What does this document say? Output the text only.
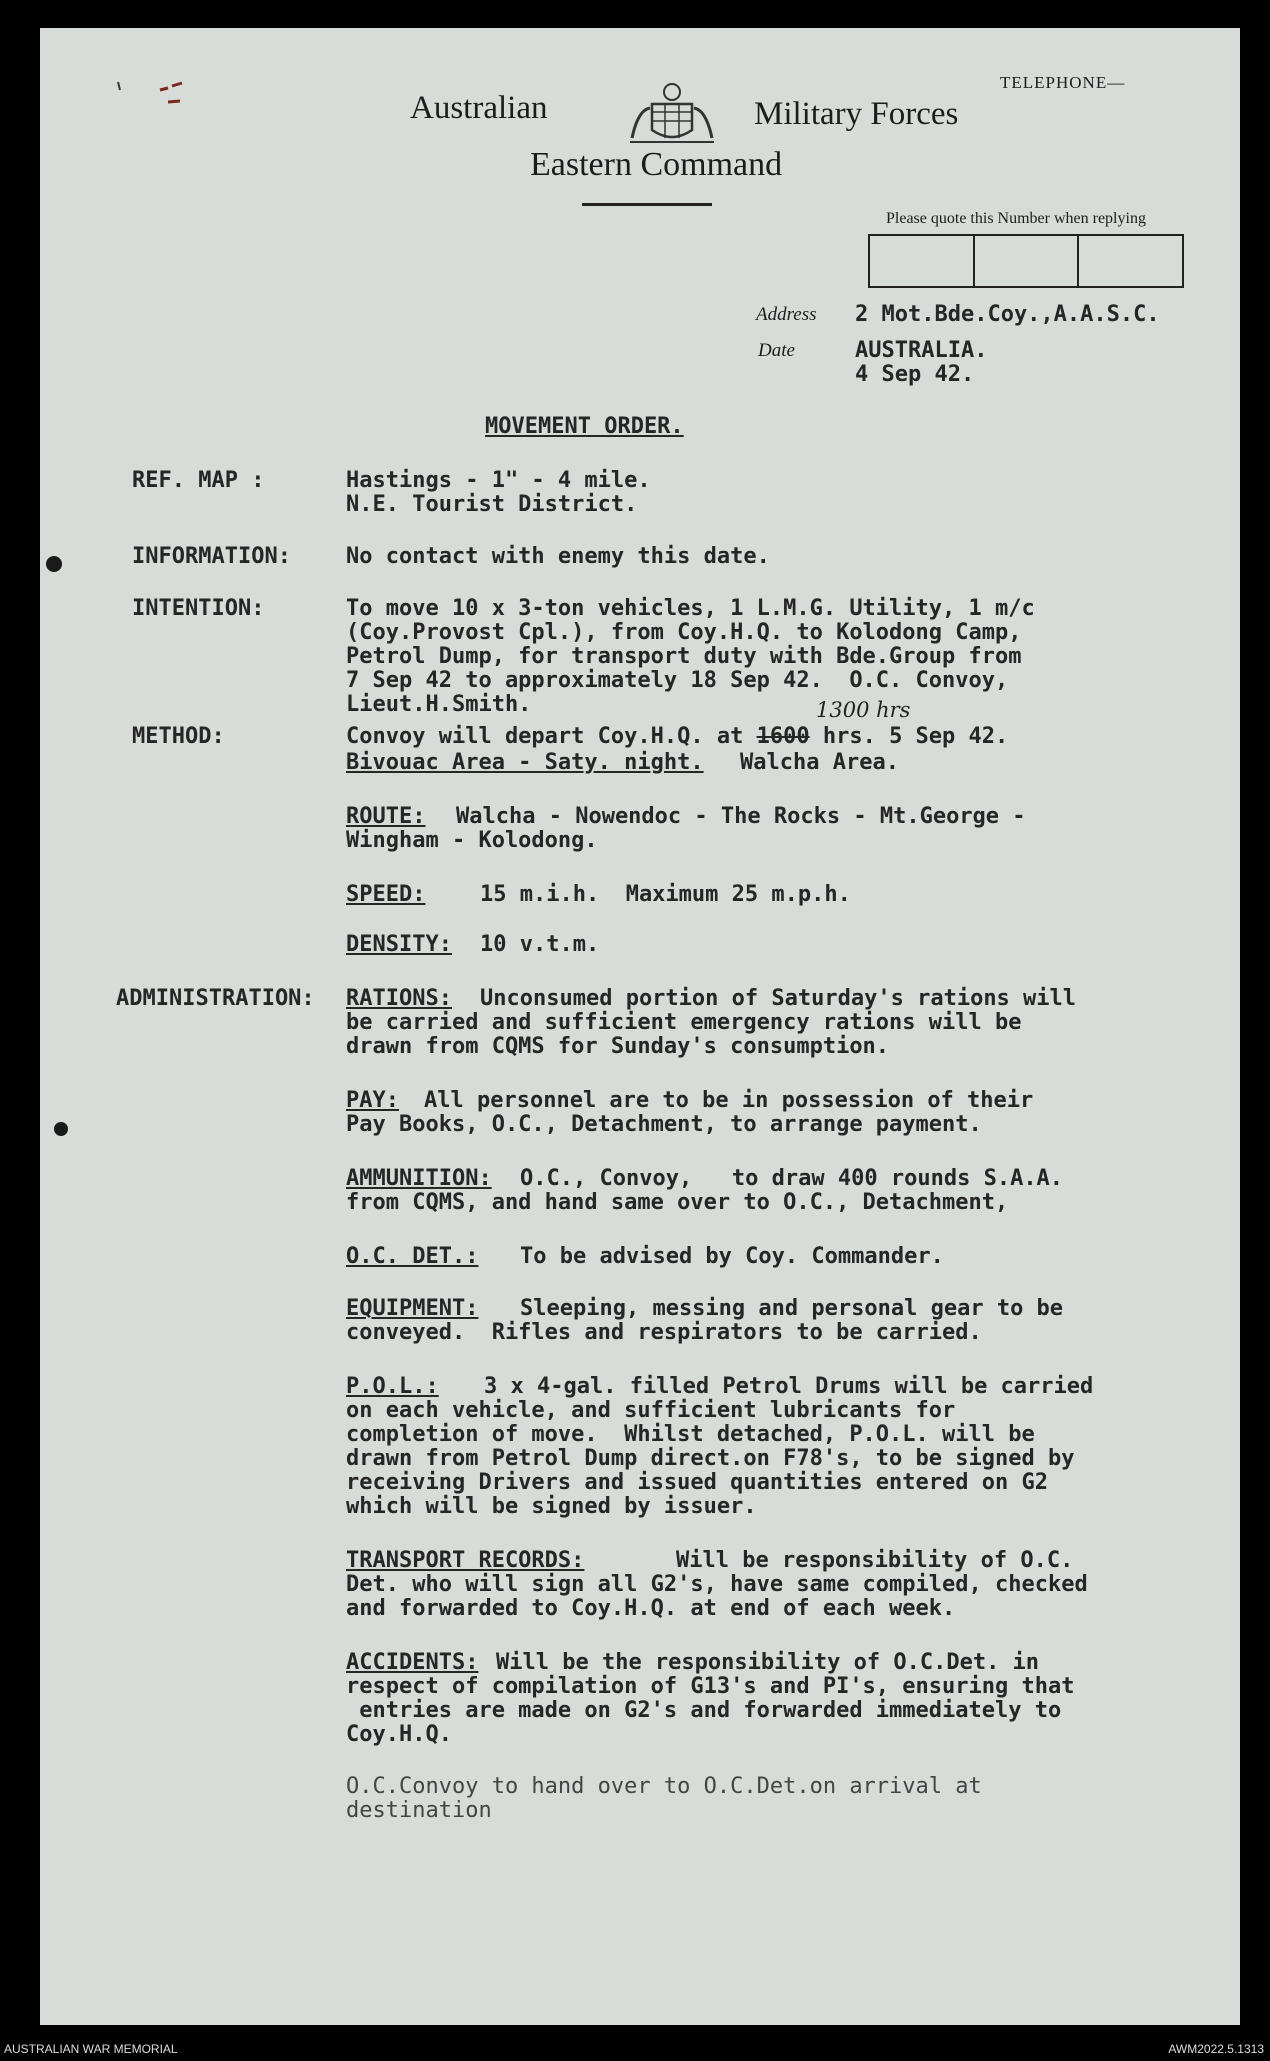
Australian	Military Forces
Eastern Command
TELEPHONE—
Please quote this Number when replying
Address 2 Mot.Bde.Coy.,A.A.S.C.
Date	AUSTRALIA.
4 Sep 42.
MOVEMENT ORDER.
REF. MAP :	Hastings - 1" - 4 mile.
N.E. Tourist District.
INFORMATION:	No contact with enemy this date.
INTENTION:	To move 10 x 3-ton vehicles, 1 L.M.G. Utility, 1 m/c
(Coy.Provost Cpl.), from Coy.H.Q. to Kolodong Camp,
Petrol Dump, for transport duty with Bde.Group from
7 Sep 42 to approximately 18 Sep 42.  O.C. Convoy,
Lieut.H.Smith.
METHOD:	Convoy will depart Coy.H.Q. at 1600 hrs. 5 Sep 42.
1300 hrs
Bivouac Area - Saty. night. Walcha Area.
ROUTE: Walcha - Nowendoc - The Rocks - Mt.George -
Wingham - Kolodong.
SPEED: 15 m.i.h.  Maximum 25 m.p.h.
DENSITY: 10 v.t.m.
ADMINISTRATION: RATIONS: Unconsumed portion of Saturday's rations will
be carried and sufficient emergency rations will be
drawn from CQMS for Sunday's consumption.
PAY: All personnel are to be in possession of their
Pay Books, O.C., Detachment, to arrange payment.
AMMUNITION: O.C., Convoy,   to draw 400 rounds S.A.A.
from CQMS, and hand same over to O.C., Detachment,
O.C. DET.: To be advised by Coy. Commander.
EQUIPMENT: Sleeping, messing and personal gear to be
conveyed.  Rifles and respirators to be carried.
P.O.L.: 3 x 4-gal. filled Petrol Drums will be carried
on each vehicle, and sufficient lubricants for
completion of move.  Whilst detached, P.O.L. will be
drawn from Petrol Dump direct.on F78's, to be signed by
receiving Drivers and issued quantities entered on G2
which will be signed by issuer.
TRANSPORT RECORDS:	Will be responsibility of O.C.
Det. who will sign all G2's, have same compiled, checked
and forwarded to Coy.H.Q. at end of each week.
ACCIDENTS: Will be the responsibility of O.C.Det. in
respect of compilation of G13's and PI's, ensuring that
entries are made on G2's and forwarded immediately to
Coy.H.Q.
O.C.Convoy to hand over to O.C.Det.on arrival at
destination
AUSTRALIAN WAR MEMORIAL	AWM2022.5.1313
